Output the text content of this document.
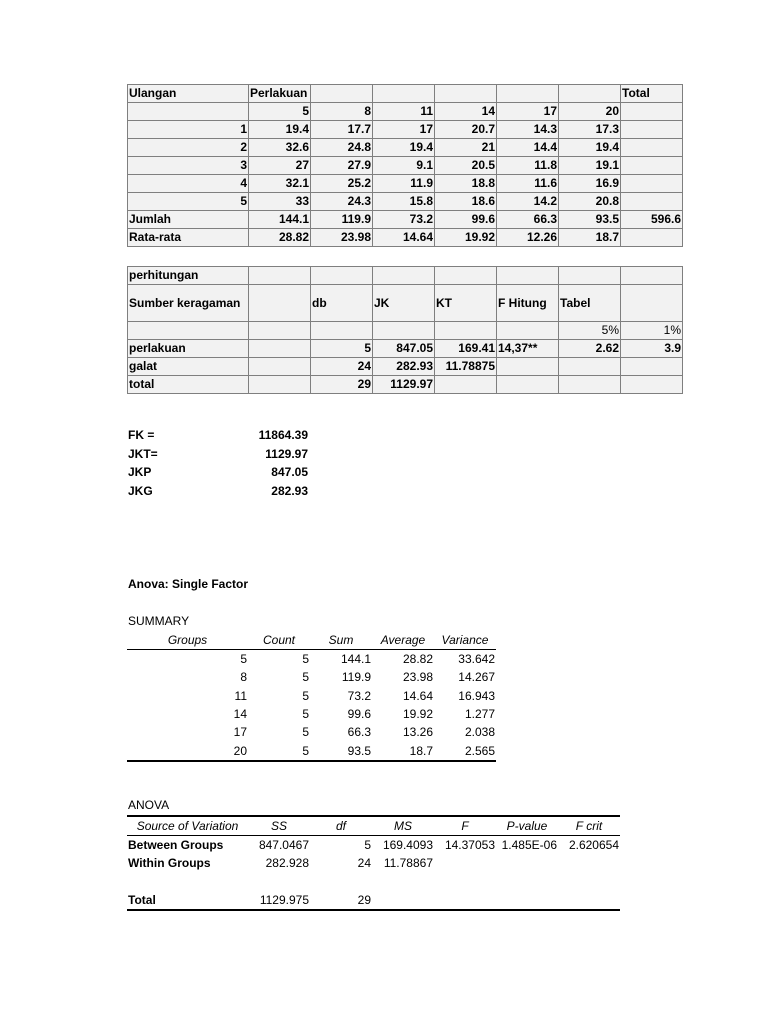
Ulangan	Perlakuan						Total
	5	8	11	14	17	20	
1	19.4	17.7	17	20.7	14.3	17.3	
2	32.6	24.8	19.4	21	14.4	19.4	
3	27	27.9	9.1	20.5	11.8	19.1	
4	32.1	25.2	11.9	18.8	11.6	16.9	
5	33	24.3	15.8	18.6	14.2	20.8	
Jumlah	144.1	119.9	73.2	99.6	66.3	93.5	596.6
Rata-rata	28.82	23.98	14.64	19.92	12.26	18.7	
perhitungan							
Sumber keragaman		db	JK	KT	F Hitung	Tabel	
						5%	1%
perlakuan		5	847.05	169.41	14,37**	2.62	3.9
galat		24	282.93	11.78875			
total		29	1129.97				
FK =	11864.39
JKT=	1129.97
JKP	847.05
JKG	282.93
Anova: Single Factor
SUMMARY
Groups	Count	Sum	Average	Variance
5	5	144.1	28.82	33.642
8	5	119.9	23.98	14.267
11	5	73.2	14.64	16.943
14	5	99.6	19.92	1.277
17	5	66.3	13.26	2.038
20	5	93.5	18.7	2.565
ANOVA
Source of Variation	SS	df	MS	F	P-value	F crit
Between Groups	847.0467	5	169.4093	14.37053	1.485E-06	2.620654
Within Groups	282.928	24	11.78867			

Total	1129.975	29				
